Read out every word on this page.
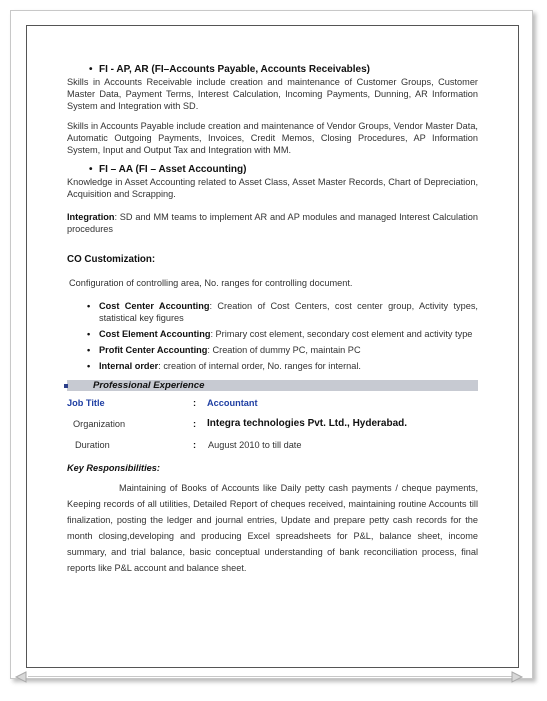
• FI - AP, AR (FI–Accounts Payable, Accounts Receivables)

Skills in Accounts Receivable include creation and maintenance of Customer Groups, Customer Master Data, Payment Terms, Interest Calculation, Incoming Payments, Dunning, AR Information System and Integration with SD.

Skills in Accounts Payable include creation and maintenance of Vendor Groups, Vendor Master Data, Automatic Outgoing Payments, Invoices, Credit Memos, Closing Procedures, AP Information System, Input and Output Tax and Integration with MM.

• FI – AA (FI – Asset Accounting)

Knowledge in Asset Accounting related to Asset Class, Asset Master Records, Chart of Depreciation, Acquisition and Scrapping.

Integration: SD and MM teams to implement AR and AP modules and managed Interest Calculation procedures

CO Customization:

Configuration of controlling area, No. ranges for controlling document.

• Cost Center Accounting: Creation of Cost Centers, cost center group, Activity types, statistical key figures
• Cost Element Accounting: Primary cost element, secondary cost element and activity type
• Profit Center Accounting: Creation of dummy PC, maintain PC
• Internal order: creation of internal order, No. ranges for internal.
Professional Experience
Job Title	: Accountant
Organization	: Integra technologies Pvt. Ltd., Hyderabad.
Duration	: August 2010 to till date
Key Responsibilities:

Maintaining of Books of Accounts like Daily petty cash payments / cheque payments, Keeping records of all utilities, Detailed Report of cheques received, maintaining routine Accounts till finalization, posting the ledger and journal entries, Update and prepare petty cash records for the month closing,developing and producing Excel spreadsheets for P&L, balance sheet, income summary, and trial balance, basic conceptual understanding of bank reconciliation process, final reports like P&L account and balance sheet.
